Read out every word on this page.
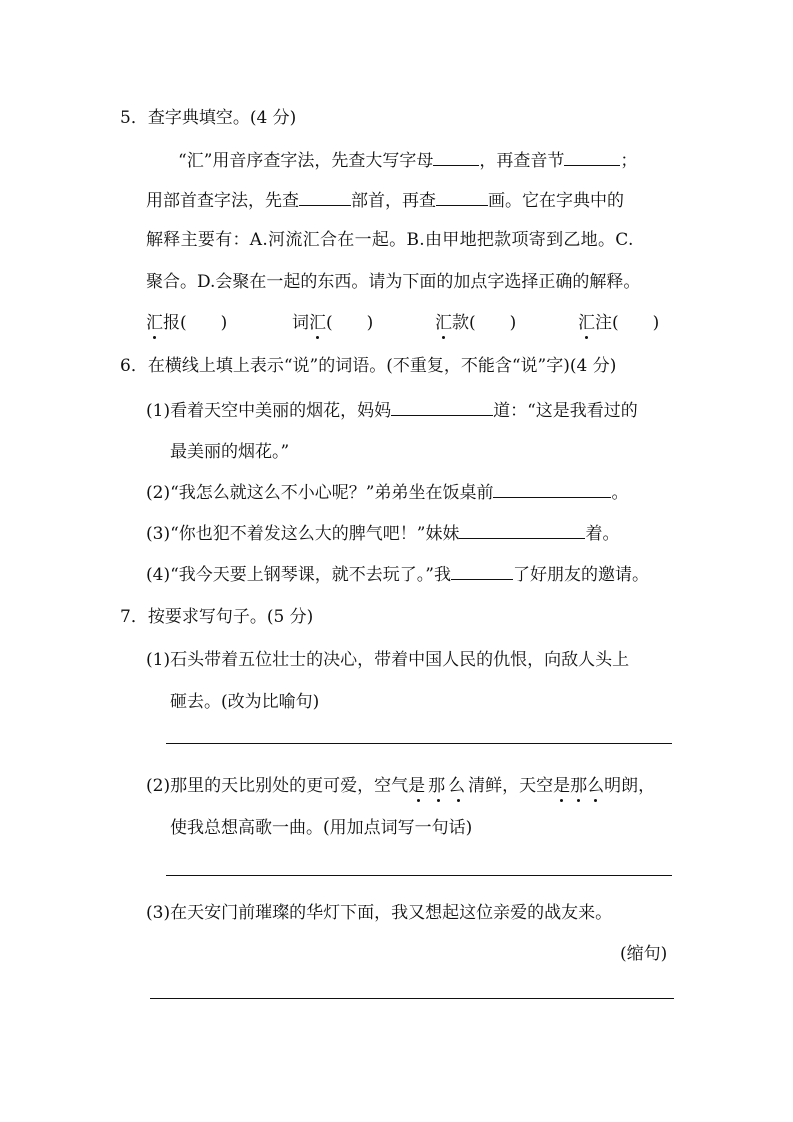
5．查字典填空。(4 分)
“汇”用音序查字法，先查大写字母	，再查音节	；
用部首查字法，先查	部首，再查	画。它在字典中的
解释主要有：A.河流汇合在一起。B.由甲地把款项寄到乙地。C.
聚合。D.会聚在一起的东西。请为下面的加点字选择正确的解释。
汇报(　　)	词汇(　　)	汇款(　　)	汇注(　　)
6．在横线上填上表示“说”的词语。(不重复，不能含“说”字)(4 分)
(1)看着天空中美丽的烟花，妈妈	道：“这是我看过的
最美丽的烟花。”
(2)“我怎么就这么不小心呢？”弟弟坐在饭桌前	。
(3)“你也犯不着发这么大的脾气吧！”妹妹	着。
(4)“我今天要上钢琴课，就不去玩了。”我	了好朋友的邀请。
7．按要求写句子。(5 分)
(1)石头带着五位壮士的决心，带着中国人民的仇恨，向敌人头上
砸去。(改为比喻句)
(2)那里的天比别处的更可爱，空气是那么清鲜，天空是那么明朗，
使我总想高歌一曲。(用加点词写一句话)
(3)在天安门前璀璨的华灯下面，我又想起这位亲爱的战友来。
(缩句)
